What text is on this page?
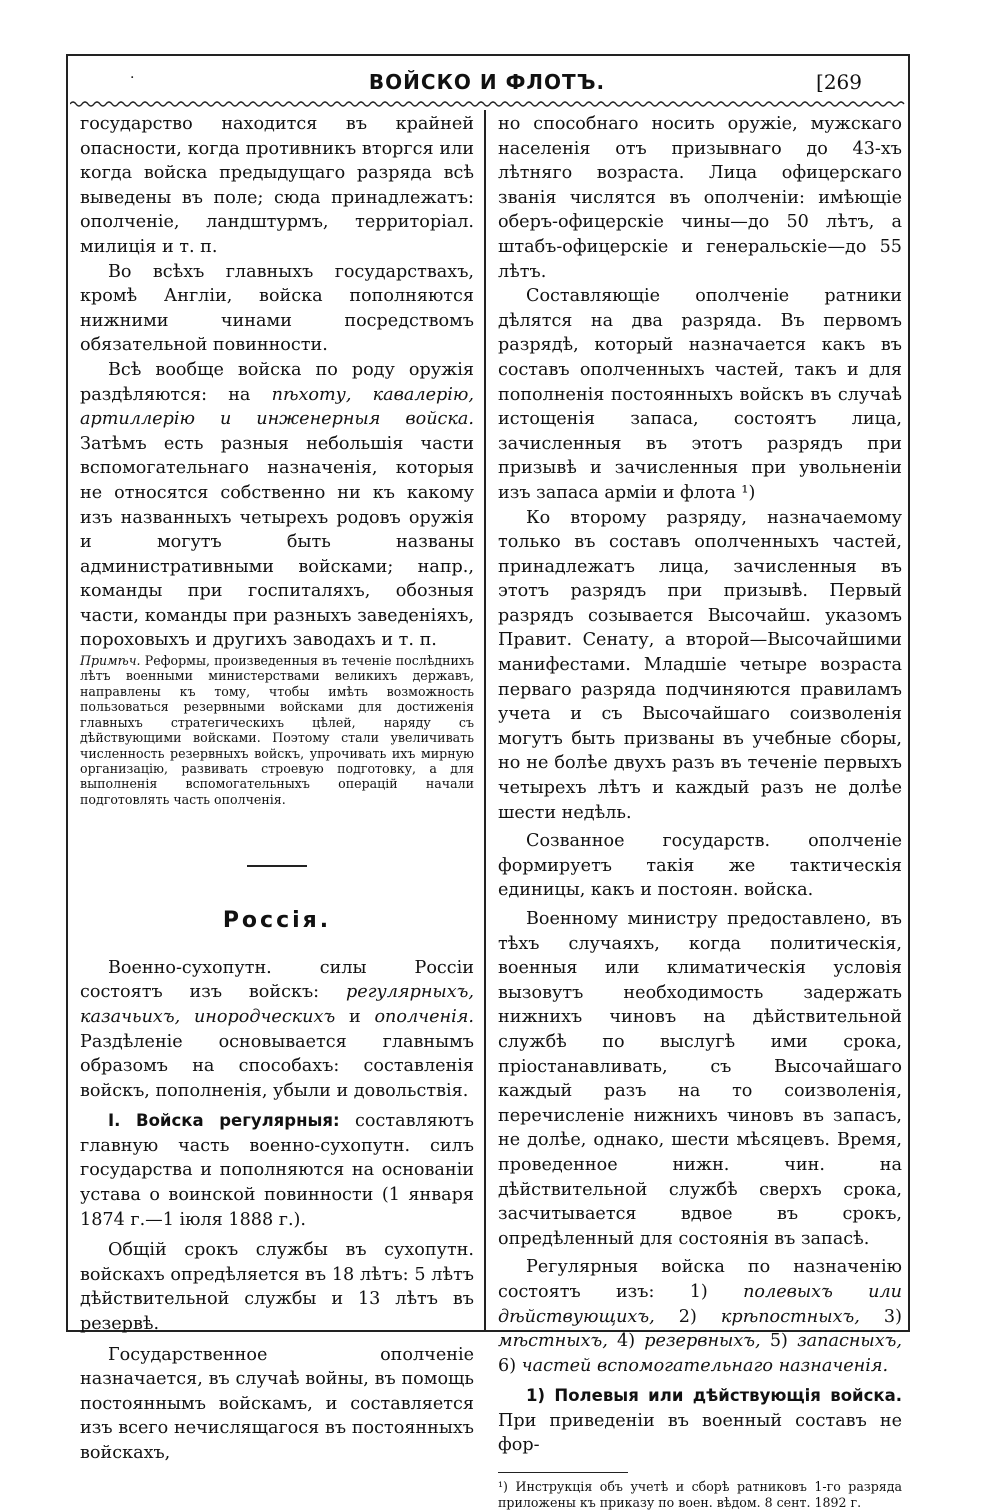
·	ВОЙСКО И ФЛОТЪ.	[269

государство находится въ крайней опасности, когда противникъ вторгся или когда войска предыдущаго разряда всѣ выведены въ поле; сюда принадлежатъ: ополченіе, ландштурмъ, территоріал. милиція и т. п.

Во всѣхъ главныхъ государствахъ, кромѣ Англіи, войска пополняются нижними чинами посредствомъ обязательной повинности.

Всѣ вообще войска по роду оружія раздѣляются: на пѣхоту, кавалерію, артиллерію и инженерныя войска. Затѣмъ есть разныя небольшія части вспомогательнаго назначенія, которыя не относятся собственно ни къ какому изъ названныхъ четырехъ родовъ оружія и могутъ быть названы административными войсками; напр., команды при госпиталяхъ, обозныя части, команды при разныхъ заведеніяхъ, пороховыхъ и другихъ заводахъ и т. п.

Примѣч. Реформы, произведенныя въ теченіе послѣднихъ лѣтъ военными министерствами великихъ державъ, направлены къ тому, чтобы имѣть возможность пользоваться резервными войсками для достиженія главныхъ стратегическихъ цѣлей, наряду съ дѣйствующими войсками. Поэтому стали увеличивать численность резервныхъ войскъ, упрочивать ихъ мирную организацію, развивать строевую подготовку, а для выполненія вспомогательныхъ операцій начали подготовлять часть ополченія.

Россія.

Военно-сухопутн. силы Россіи состоятъ изъ войскъ: регулярныхъ, казачьихъ, инородческихъ и ополченія. Раздѣленіе основывается главнымъ образомъ на способахъ: составленія войскъ, пополненія, убыли и довольствія.

I. Войска регулярныя: составляютъ главную часть военно-сухопутн. силъ государства и пополняются на основаніи устава о воинской повинности (1 января 1874 г.—1 іюля 1888 г.).

Общій срокъ службы въ сухопутн. войскахъ опредѣляется въ 18 лѣтъ: 5 лѣтъ дѣйствительной службы и 13 лѣтъ въ резервѣ.

Государственное ополченіе назначается, въ случаѣ войны, въ помощь постояннымъ войскамъ, и составляется изъ всего нечислящагося въ постоянныхъ войскахъ,

но способнаго носить оружіе, мужскаго населенія отъ призывнаго до 43-хъ лѣтняго возраста. Лица офицерскаго званія числятся въ ополченіи: имѣющіе оберъ-офицерскіе чины—до 50 лѣтъ, а штабъ-офицерскіе и генеральскіе—до 55 лѣтъ.

Составляющіе ополченіе ратники дѣлятся на два разряда. Въ первомъ разрядѣ, который назначается какъ въ составъ ополченныхъ частей, такъ и для пополненія постоянныхъ войскъ въ случаѣ истощенія запаса, состоятъ лица, зачисленныя въ этотъ разрядъ при призывѣ и зачисленныя при увольненіи изъ запаса арміи и флота ¹)

Ко второму разряду, назначаемому только въ составъ ополченныхъ частей, принадлежатъ лица, зачисленныя въ этотъ разрядъ при призывѣ. Первый разрядъ созывается Высочайш. указомъ Правит. Сенату, а второй—Высочайшими манифестами. Младшіе четыре возраста перваго разряда подчиняются правиламъ учета и съ Высочайшаго соизволенія могутъ быть призваны въ учебные сборы, но не болѣе двухъ разъ въ теченіе первыхъ четырехъ лѣтъ и каждый разъ не долѣе шести недѣль.

Созванное государств. ополченіе формируетъ такія же тактическія единицы, какъ и постоян. войска.

Военному министру предоставлено, въ тѣхъ случаяхъ, когда политическія, военныя или климатическія условія вызовутъ необходимость задержать нижнихъ чиновъ на дѣйствительной службѣ по выслугѣ ими срока, пріостанавливать, съ Высочайшаго каждый разъ на то соизволенія, перечисленіе нижнихъ чиновъ въ запасъ, не долѣе, однако, шести мѣсяцевъ. Время, проведенное нижн. чин. на дѣйствительной службѣ сверхъ срока, засчитывается вдвое въ срокъ, опредѣленный для состоянія въ запасѣ.

Регулярныя войска по назначенію состоятъ изъ: 1) полевыхъ или дѣйствующихъ, 2) крѣпостныхъ, 3) мѣстныхъ, 4) резервныхъ, 5) запасныхъ, 6) частей вспомогательнаго назначенія.

1) Полевыя или дѣйствующія войска. При приведеніи въ военный составъ не фор-

¹) Инструкція объ учетѣ и сборѣ ратниковъ 1-го разряда приложены къ приказу по воен. вѣдом. 8 сент. 1892 г.
